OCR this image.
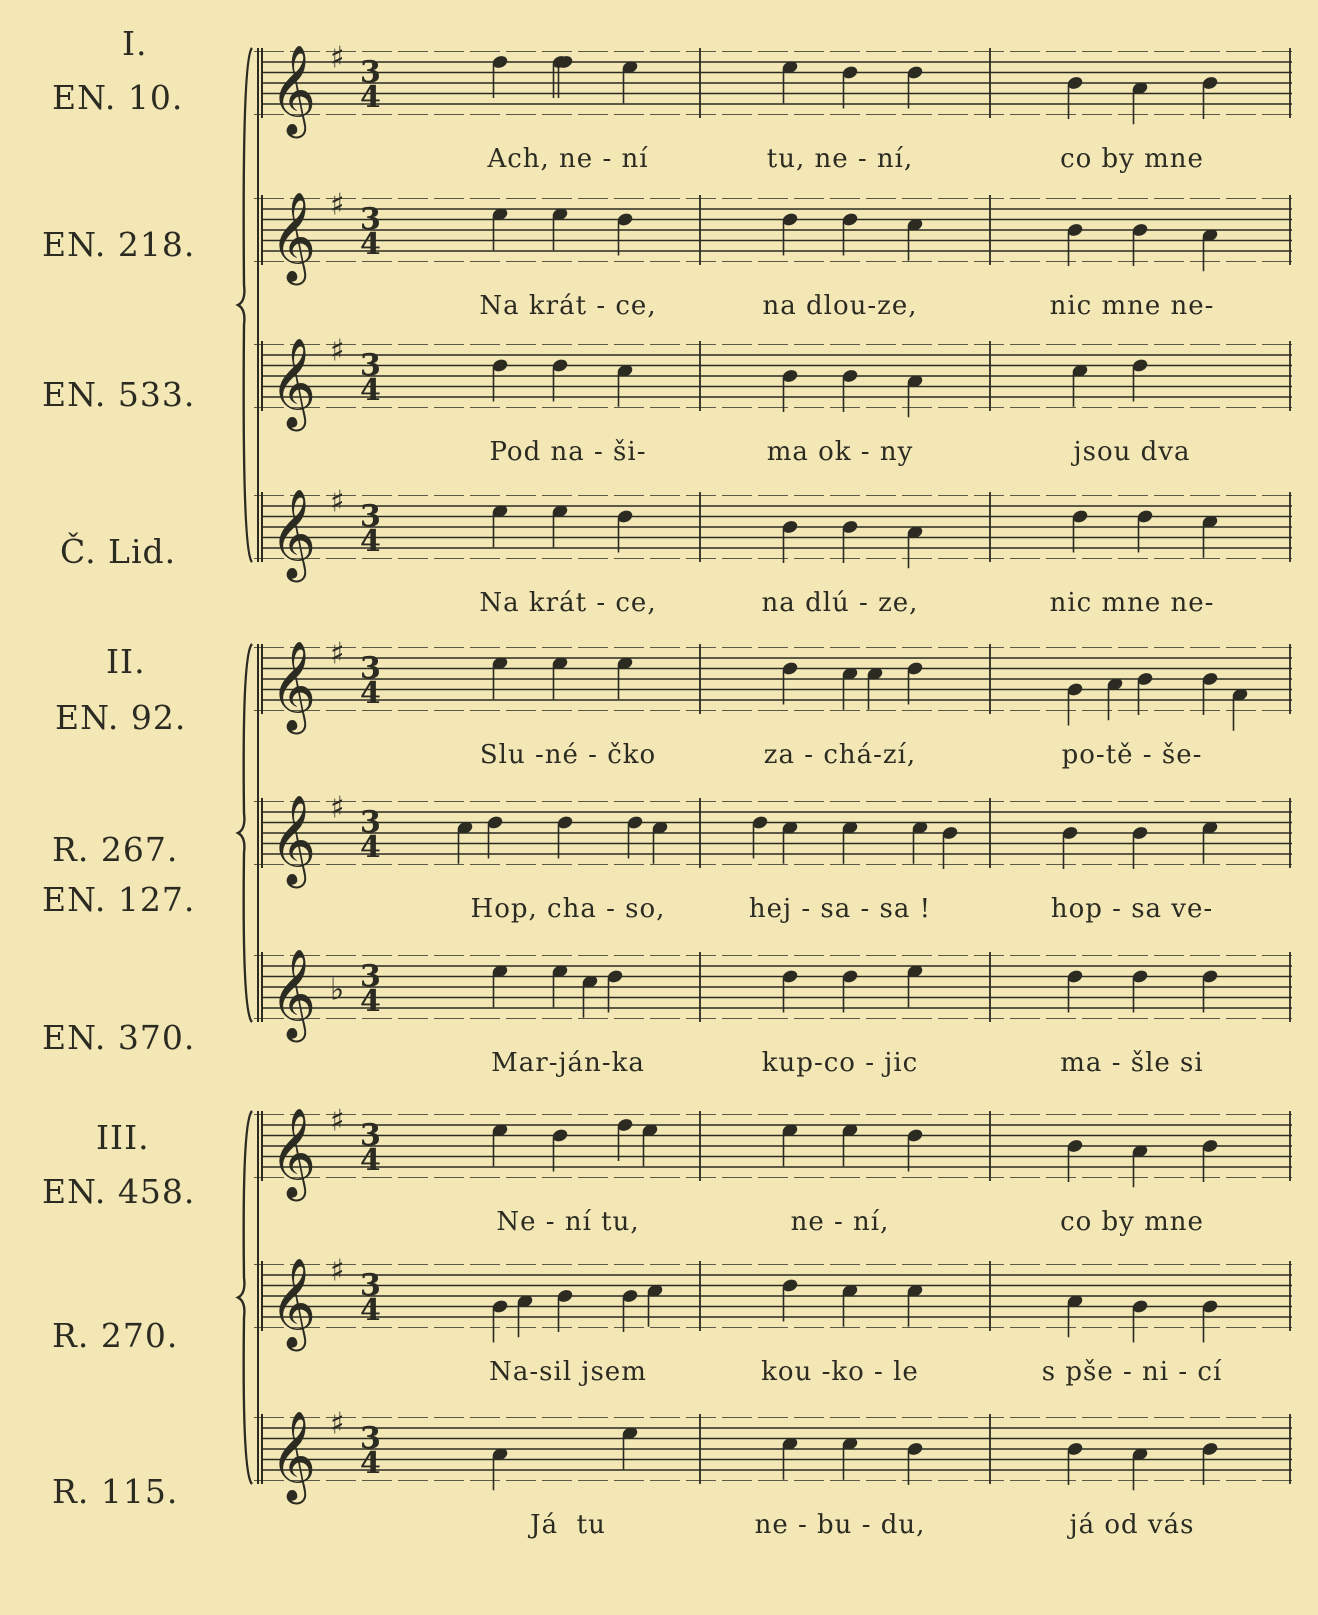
𝄞 ♯ 3
4
𝄞 ♯ 3
4
𝄞 ♯ 3
4
𝄞 ♯ 3
4
𝄞 ♯ 3
4
𝄞 ♯ 3
4
𝄞 ♭ 3
4
𝄞 ♯ 3
4
𝄞 ♯ 3
4
𝄞 ♯ 3
4
I.
EN. 10.
EN. 218.
EN. 533.
Č. Lid.
II.
EN. 92.
R. 267.
EN. 127.
EN. 370.
III.
EN. 458.
R. 270.
R. 115.
Ach, ne - ní	tu, ne - ní,	co by mne
Na krát - ce,	na dlou-ze,	nic mne ne-
Pod na - ši-	ma ok - ny	jsou dva
Na krát - ce,	na dlú - ze,	nic mne ne-
Slu -né - čko	za - chá-zí,	po-tě - še-
Hop, cha - so,	hej - sa - sa !	hop - sa ve-
Mar-ján-ka	kup-co - jic	ma - šle si
Ne - ní tu,	ne - ní,	co by mne
Na-sil jsem	kou -ko - le	s pše - ni - cí
Já  tu	ne - bu - du,	já od vás
